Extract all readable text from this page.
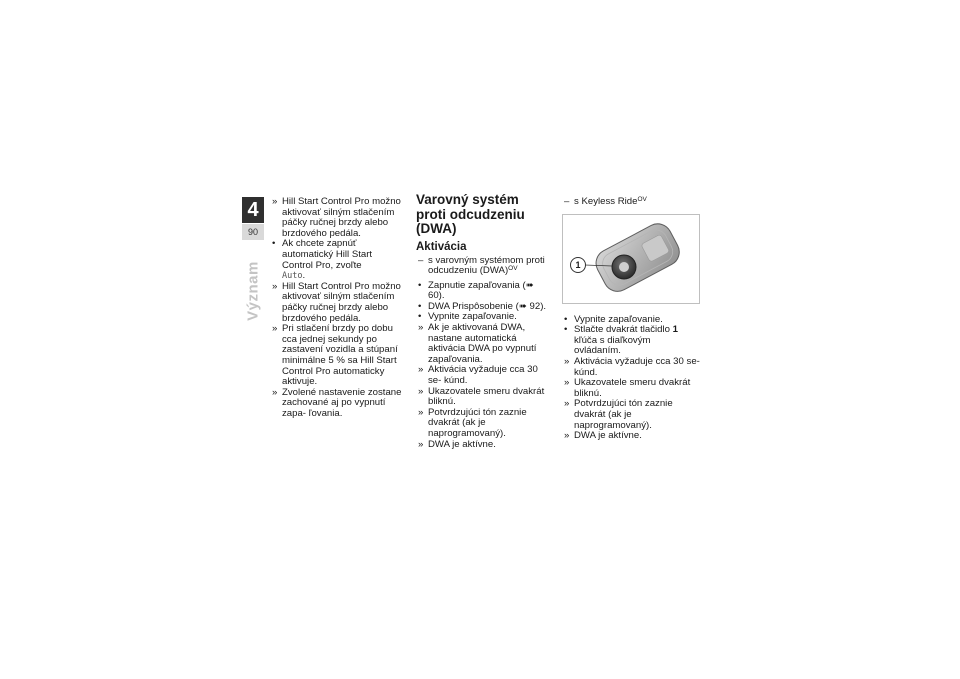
4
90
Význam

» Hill Start Control Pro možno aktivovať silným stlačením páčky ručnej brzdy alebo brzdového pedála.

• Ak chcete zapnúť automatický Hill Start Control Pro, zvoľte
Auto.

» Hill Start Control Pro možno aktivovať silným stlačením páčky ručnej brzdy alebo brzdového pedála.

» Pri stlačení brzdy po dobu cca jednej sekundy po zastavení vozidla a stúpaní minimálne 5 % sa Hill Start Control Pro automaticky aktivuje.

» Zvolené nastavenie zostane zachované aj po vypnutí zapa- ľovania.

Varovný systém proti odcudzeniu (DWA)
Aktivácia

– s varovným systémom proti odcudzeniu (DWA)$^{OV}$

• Zapnutie zapaľovania (➠ 60).

• DWA Prispôsobenie (➠ 92).

• Vypnite zapaľovanie.

» Ak je aktivovaná DWA, nastane automatická aktivácia DWA po vypnutí zapaľovania.

» Aktivácia vyžaduje cca 30 se- kúnd.

» Ukazovatele smeru dvakrát bliknú.

» Potvrdzujúci tón zaznie dvakrát (ak je naprogramovaný).

» DWA je aktívne.

– s Keyless Ride$^{OV}$

1

• Vypnite zapaľovanie.

• Stlačte dvakrát tlačidlo 1 kľúča s diaľkovým ovládaním.

» Aktivácia vyžaduje cca 30 se- kúnd.

» Ukazovatele smeru dvakrát bliknú.

» Potvrdzujúci tón zaznie dvakrát (ak je naprogramovaný).

» DWA je aktívne.
